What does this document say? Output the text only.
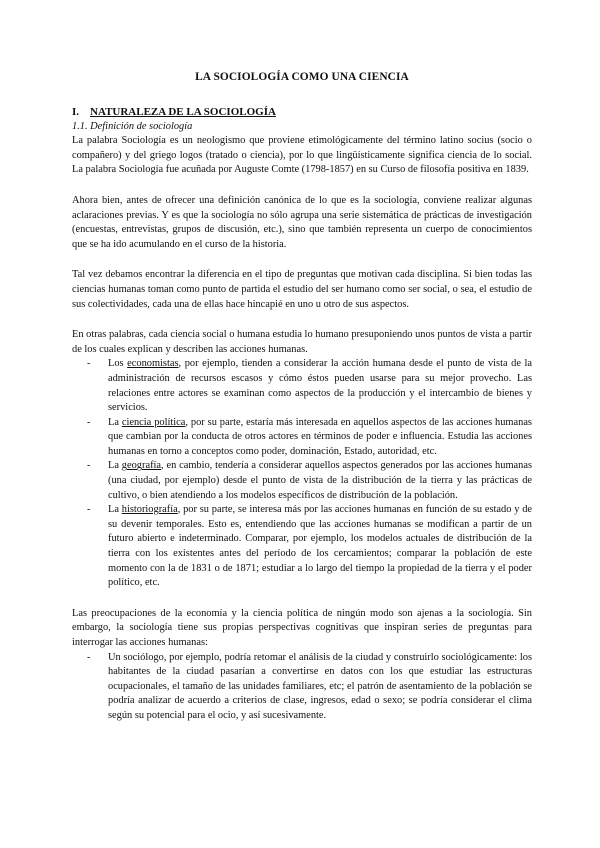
LA SOCIOLOGÍA COMO UNA CIENCIA
I. NATURALEZA DE LA SOCIOLOGÍA
1.1. Definición de sociología

La palabra Sociología es un neologismo que proviene etimológicamente del término latino socius (socio o compañero) y del griego logos (tratado o ciencia), por lo que lingüísticamente significa ciencia de lo social. La palabra Sociología fue acuñada por Auguste Comte (1798-1857) en su Curso de filosofía positiva en 1839.

Ahora bien, antes de ofrecer una definición canónica de lo que es la sociología, conviene realizar algunas aclaraciones previas. Y es que la sociología no sólo agrupa una serie sistemática de prácticas de investigación (encuestas, entrevistas, grupos de discusión, etc.), sino que también representa un cuerpo de conocimientos que se ha ido acumulando en el curso de la historia.

Tal vez debamos encontrar la diferencia en el tipo de preguntas que motivan cada disciplina. Si bien todas las ciencias humanas toman como punto de partida el estudio del ser humano como ser social, o sea, el estudio de sus colectividades, cada una de ellas hace hincapié en uno u otro de sus aspectos.

En otras palabras, cada ciencia social o humana estudia lo humano presuponiendo unos puntos de vista a partir de los cuales explican y describen las acciones humanas.

- Los economistas, por ejemplo, tienden a considerar la acción humana desde el punto de vista de la administración de recursos escasos y cómo éstos pueden usarse para su mejor provecho. Las relaciones entre actores se examinan como aspectos de la producción y el intercambio de bienes y servicios.
- La ciencia política, por su parte, estaría más interesada en aquellos aspectos de las acciones humanas que cambian por la conducta de otros actores en términos de poder e influencia. Estudia las acciones humanas en torno a conceptos como poder, dominación, Estado, autoridad, etc.
- La geografía, en cambio, tendería a considerar aquellos aspectos generados por las acciones humanas (una ciudad, por ejemplo) desde el punto de vista de la distribución de la tierra y las prácticas de cultivo, o bien atendiendo a los modelos específicos de distribución de la población.
- La historiografía, por su parte, se interesa más por las acciones humanas en función de su estado y de su devenir temporales. Esto es, entendiendo que las acciones humanas se modifican a partir de un futuro abierto e indeterminado. Comparar, por ejemplo, los modelos actuales de distribución de la tierra con los existentes antes del período de los cercamientos; comparar la población de este momento con la de 1831 o de 1871; estudiar a lo largo del tiempo la propiedad de la tierra y el poder político, etc.

Las preocupaciones de la economía y la ciencia política de ningún modo son ajenas a la sociología. Sin embargo, la sociología tiene sus propias perspectivas cognitivas que inspiran series de preguntas para interrogar las acciones humanas:

- Un sociólogo, por ejemplo, podría retomar el análisis de la ciudad y construirlo sociológicamente: los habitantes de la ciudad pasarían a convertirse en datos con los que estudiar las estructuras ocupacionales, el tamaño de las unidades familiares, etc; el patrón de asentamiento de la población se podría analizar de acuerdo a criterios de clase, ingresos, edad o sexo; se podría considerar el clima según su potencial para el ocio, y así sucesivamente.
